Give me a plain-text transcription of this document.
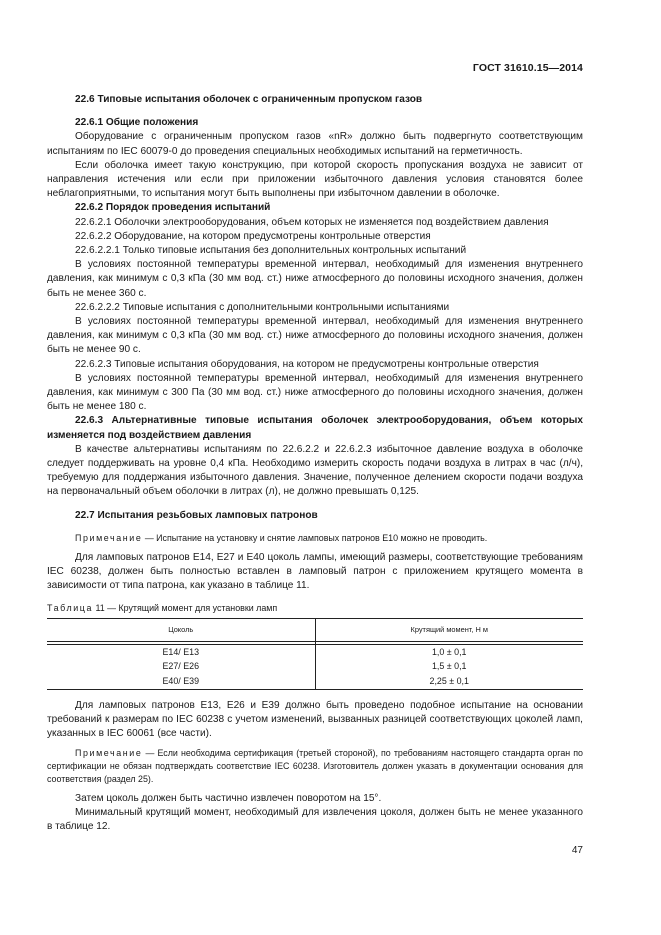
ГОСТ 31610.15—2014

22.6 Типовые испытания оболочек с ограниченным пропуском газов

22.6.1 Общие положения

Оборудование с ограниченным пропуском газов «nR» должно быть подвергнуто соответствующим испытаниям по IEC 60079-0 до проведения специальных необходимых испытаний на герметичность.

Если оболочка имеет такую конструкцию, при которой скорость пропускания воздуха не зависит от направления истечения или если при приложении избыточного давления условия становятся более неблагоприятными, то испытания могут быть выполнены при избыточном давлении в оболочке.

22.6.2 Порядок проведения испытаний

22.6.2.1 Оболочки электрооборудования, объем которых не изменяется под воздействием давления

22.6.2.2 Оборудование, на котором предусмотрены контрольные отверстия

22.6.2.2.1 Только типовые испытания без дополнительных контрольных испытаний

В условиях постоянной температуры временной интервал, необходимый для изменения внутреннего давления, как минимум с 0,3 кПа (30 мм вод. ст.) ниже атмосферного до половины исходного значения, должен быть не менее 360 с.

22.6.2.2.2 Типовые испытания с дополнительными контрольными испытаниями

В условиях постоянной температуры временной интервал, необходимый для изменения внутреннего давления, как минимум с 0,3 кПа (30 мм вод. ст.) ниже атмосферного до половины исходного значения, должен быть не менее 90 с.

22.6.2.3 Типовые испытания оборудования, на котором не предусмотрены контрольные отверстия

В условиях постоянной температуры временной интервал, необходимый для изменения внутреннего давления, как минимум с 300 Па (30 мм вод. ст.) ниже атмосферного до половины исходного значения, должен быть не менее 180 с.

22.6.3 Альтернативные типовые испытания оболочек электрооборудования, объем которых изменяется под воздействием давления

В качестве альтернативы испытаниям по 22.6.2.2 и 22.6.2.3 избыточное давление воздуха в оболочке следует поддерживать на уровне 0,4 кПа. Необходимо измерить скорость подачи воздуха в литрах в час (л/ч), требуемую для поддержания избыточного давления. Значение, полученное делением скорости подачи воздуха на первоначальный объем оболочки в литрах (л), не должно превышать 0,125.

22.7 Испытания резьбовых ламповых патронов

Примечание — Испытание на установку и снятие ламповых патронов E10 можно не проводить.

Для ламповых патронов Е14, Е27 и Е40 цоколь лампы, имеющий размеры, соответствующие требованиям IEC 60238, должен быть полностью вставлен в ламповый патрон с приложением крутящего момента в зависимости от типа патрона, как указано в таблице 11.

Таблица 11 — Крутящий момент для установки ламп

Цоколь	Крутящий момент, Н м

Е14/ Е13	1,0 ± 0,1
Е27/ Е26	1,5 ± 0,1
Е40/ Е39	2,25 ± 0,1

Для ламповых патронов Е13, Е26 и Е39 должно быть проведено подобное испытание на основании требований к размерам по IEC 60238 с учетом изменений, вызванных разницей соответствующих цоколей ламп, указанных в IEC 60061 (все части).

Примечание — Если необходима сертификация (третьей стороной), по требованиям настоящего стандарта орган по сертификации не обязан подтверждать соответствие IEC 60238. Изготовитель должен указать в документации основания для соответствия (раздел 25).

Затем цоколь должен быть частично извлечен поворотом на 15°.

Минимальный крутящий момент, необходимый для извлечения цоколя, должен быть не менее указанного в таблице 12.

47
